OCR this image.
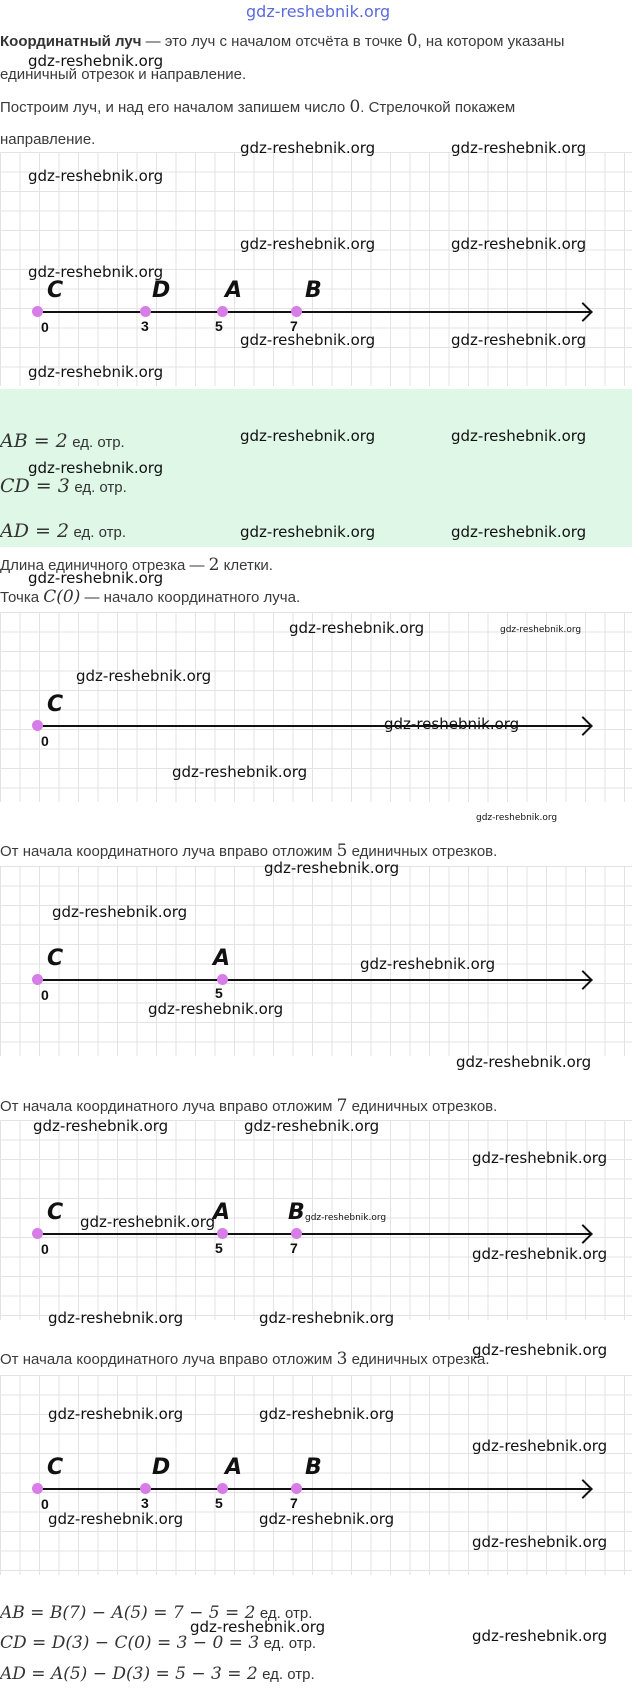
gdz-reshebnik.org
Координатный луч — это луч с началом отсчёта в точке 0, на котором указаны
единичный отрезок и направление.
Построим луч, и над его началом запишем число 0. Стрелочкой покажем
направление.
C	D A	B
0	3	5	7
AB = 2 ед. отр.
CD = 3 ед. отр.
AD = 2 ед. отр.
Длина единичного отрезка — 2 клетки.
Точка C(0) — начало координатного луча.
C
0
От начала координатного луча вправо отложим 5 единичных отрезков.
C	A
0	5
От начала координатного луча вправо отложим 7 единичных отрезков.
C	A	B
0	5	7
От начала координатного луча вправо отложим 3 единичных отрезка.
C	D A	B
0	3	5	7
AB = B(7) − A(5) = 7 − 5 = 2 ед. отр.
CD = D(3) − C(0) = 3 − 0 = 3 ед. отр.
AD = A(5) − D(3) = 5 − 3 = 2 ед. отр.
gdz-reshebnik.org
gdz-reshebnik.org	gdz-reshebnik.org
gdz-reshebnik.org
gdz-reshebnik.org	gdz-reshebnik.org
gdz-reshebnik.org
gdz-reshebnik.org	gdz-reshebnik.org
gdz-reshebnik.org
gdz-reshebnik.org	gdz-reshebnik.org
gdz-reshebnik.org
gdz-reshebnik.org	gdz-reshebnik.org
gdz-reshebnik.org
gdz-reshebnik.org	gdz-reshebnik.org
gdz-reshebnik.org
gdz-reshebnik.org
gdz-reshebnik.org
gdz-reshebnik.org
gdz-reshebnik.org
gdz-reshebnik.org
gdz-reshebnik.org
gdz-reshebnik.org
gdz-reshebnik.org
gdz-reshebnik.org	gdz-reshebnik.org
gdz-reshebnik.org
gdz-reshebnik.org	gdz-reshebnik.org
gdz-reshebnik.org
gdz-reshebnik.org	gdz-reshebnik.org
gdz-reshebnik.org
gdz-reshebnik.org	gdz-reshebnik.org
gdz-reshebnik.org
gdz-reshebnik.org	gdz-reshebnik.org
gdz-reshebnik.org
gdz-reshebnik.org	gdz-reshebnik.org
